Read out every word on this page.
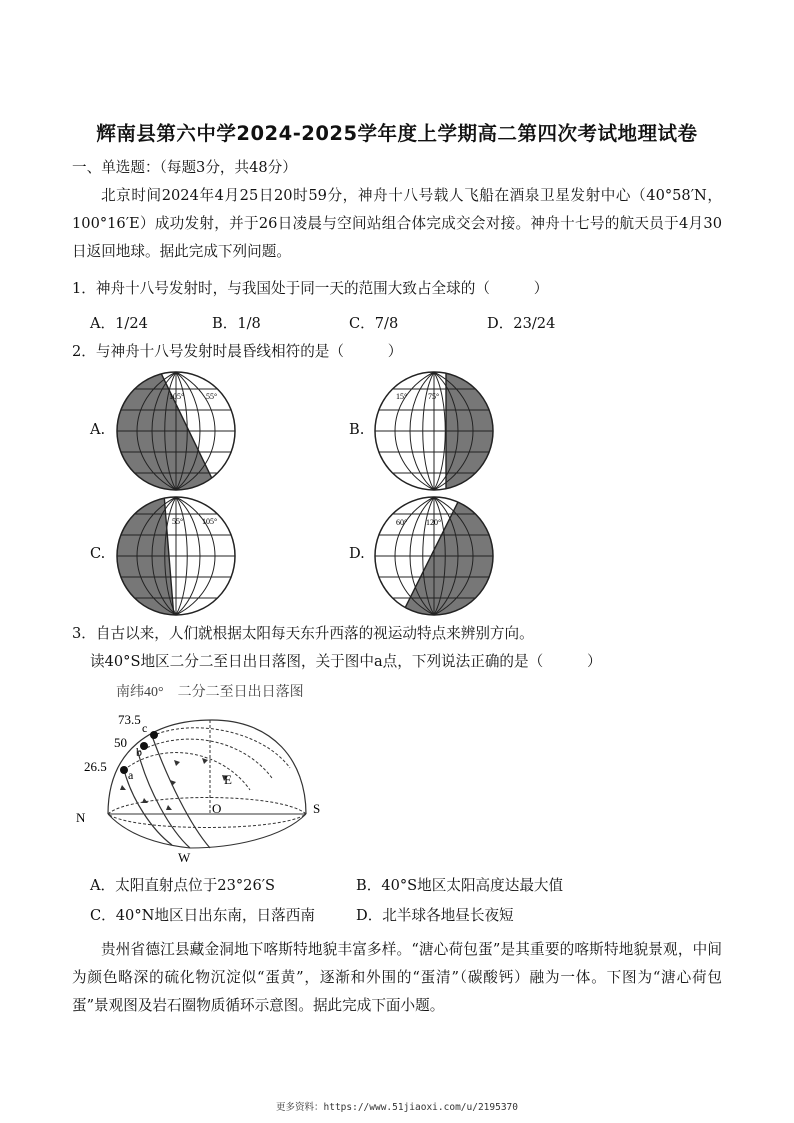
辉南县第六中学2024-2025学年度上学期高二第四次考试地理试卷
一、单选题：（每题3分，共48分）
北京时间2024年4月25日20时59分，神舟十八号载人飞船在酒泉卫星发射中心（40°58′N，100°16′E）成功发射，并于26日凌晨与空间站组合体完成交会对接。神舟十七号的航天员于4月30日返回地球。据此完成下列问题。
1．神舟十八号发射时，与我国处于同一天的范围大致占全球的（　　　）
A．1/24	B．1/8	C．7/8	D．23/24
2．与神舟十八号发射时晨昏线相符的是（　　　）
A.	B.
C.	D.
105°	55°	15°	75°
55° 105°	60° 120°
3．自古以来，人们就根据太阳每天东升西落的视运动特点来辨别方向。
读40°S地区二分二至日出日落图，关于图中a点，下列说法正确的是（　　　）
南纬40°　二分二至日出日落图
73.5
50
26.5
c
b
a	E
O
N
S
W
A．太阳直射点位于23°26′S	B．40°S地区太阳高度达最大值
C．40°N地区日出东南，日落西南	D．北半球各地昼长夜短
贵州省德江县藏金洞地下喀斯特地貌丰富多样。“溏心荷包蛋”是其重要的喀斯特地貌景观，中间为颜色略深的硫化物沉淀似“蛋黄”，逐渐和外围的“蛋清”（碳酸钙）融为一体。下图为“溏心荷包蛋”景观图及岩石圈物质循环示意图。据此完成下面小题。
更多资料：https://www.51jiaoxi.com/u/2195370
